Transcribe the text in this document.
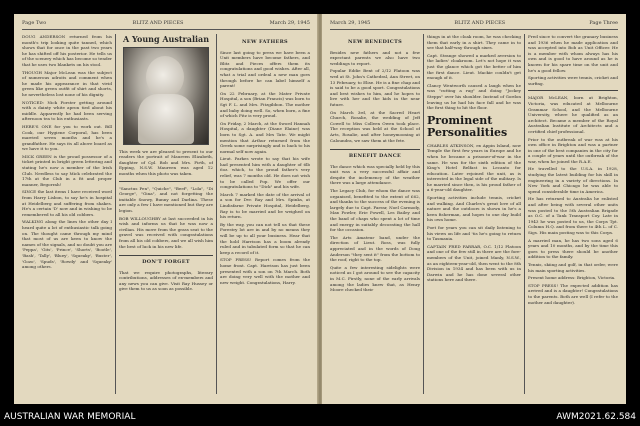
Page Two	BLITZ AND PIECES	March 29, 1945

DOUG ANDERSON returned from his month's trip looking quite tanned, which shows that for once in the past two years he has shifted off his posterior. He tells us of the scenery which has become so tender that he uses two blankets on his stool.

THOUGH Major McLean was the subject of numerous adroits and comment when he made his appearance in that vivid green like green outfit of shirt and shorts, he nevertheless lost none of his dignity.

NOTICED: Nick Forster getting around with a dainty white apron tied about his middle. Apparently he had been serving afternoon tea to his enthusiasts.

HERE'S ONE for you to work out. Bill Cook, our Hygiene Corporal, has been married seven months and he's a grandfather. He says its all above board as we have it to you.

MICK GREEN is the proud possessor of a ticket printed in bright green lettering and stating he's now a member of the Irish Club. Needless to say Mick celebrated the 17th at the Club in a fit and proper manner, Begorrah!

SINCE the last items I have received word from Harry Lisbon, to say he's in hospital at Heidelberg and suffering from shakes. He's a certain 'D' now and in wishing to be remembered to all his old cobbers.

WALKING along the lines the other day I heard quite a lot of enthusiastic talk going on. The thought came through my mind that most of us are keen to know the names of the signals, and no doubt you are 'Peppa', 'Gits', 'Prince', 'Shorts', 'Bootle', 'Bash', 'Tally', 'Bluey', 'Squeaky', 'Buster', 'Gozo', 'Spuds', 'Rowdy' and 'Squeaky' among others.

A Young Australian

This week we are pleased to present to our readers the portrait of Maureen Elizabeth, daughter of Cpl. Bob and Mrs. Firth, of Epping, N.S.W. Maureen was aged 12 months when this photo was taken.

"Sanctus Pen", "Quiche", "Beef", "Lola", "Di George", "Gina", and not forgetting the imitable Snowy, Bunny and Darlina. These are only a few I have mentioned but they are legion.

BOB WILLOUGHBY at last succeeded in his wish and informs us that he was now a civilian. His move from the grass seat to the gravel was received with congratulations from all his old cobbers, and we all wish him the best of luck in his new life.

DON'T FORGET

That we require photographs, literary contributions, addresses of ex-members and any news you can give. Visit Ray Hussey or give them to us as soon as possible.

NEW FATHERS

Since last going to press we have been a Unit members have become fathers, and Blitz and Pieces offers them its congratulations and good wishes. After all, what a trial and ordeal a new man goes through before he can label himself a parent!

On 22 February, at the Mater Private Hospital, a son (Brian Francis) was born to Sgt F. L. and Mrs. Fitzgibbon. The mother and baby doing well. So, when born, a fine of which Fitz is very proud.

On Friday, 2 March, at the Sword Hannah Hospital, a daughter (Diane Elaine) was born to Sgt. A. and Mrs Tate. We might mention that Arthur returned from the Greek some surprisingly and is back to his normal self now again.

Lieut. Parkes wrote to say that his wife had presented him with a daughter of 6lb 6oz. which, to the proud father's very relief, was 7 months old. He does not wish to be called Pop. We offer our congratulations to "Dick" and his wife.

March 7 marked the date of the arrival of a son for Dvr. Ray and Mrs. Spinks, at Lindisfarne Private Hospital, Heidelberg. Ray is to be married and be weighed on his return.

By the way, you can not tell us that these Forestry lot are in and by no means they will be up to all your business. Hear that the hold Harrison has a boom already ruled and in tabulated form so that he can keep a record of it.

STOP PRESS! Report comes from the home front. Capt. Harrison has just been presented with a son on 7th March. Both are doing very well with the mother and new weight. Congratulations, Harry.

March 29, 1945	BLITZ AND PIECES	Page Three
NEW BENEDICTS

Besides new fathers and not a few expectant parents we also have two weddings to report.

Popular Eddie Bent of 2/12 Platoon was wed at St. John's Cathedral, Ann Street, on 13 February, to Elise. He is a fine chap and is said to be a good sport. Congratulations and best wishes to him, and he hopes to live with her and the kids in the near future.

On March 3rd, at the Sacred Heart Church, Rosalie, the wedding of Jeff Cowell to Miss Colleen Owen took place. The reception was held at the School of Arts, Rosalie, and after honeymooning at Caloundra, we saw them at the fete.

BENEFIT DANCE

The dance which was specially held by this unit was a very successful affair and despite the inclemency of the weather there was a large attendance.

The Legacy Club, for whom the dance was organised, benefited to the extent of £62, and thanks to the success of the evening is largely due to Capt. Farrar, Noel Carmody, Max Fowler, Erie Powell, Les Bailey and the band of chaps who spent a lot of time and energy in suitably decorating the hall for the occasion.

The Arts Amateur band, under the direction of Lieut. Ross, was fully appreciated and in the words of Doug Anderson "they sent it" from the bottom to the roof, right to the top.

Quite a few interesting sidelights were noticed as I got around to see the capacity in M.C. Firstly, none of the early arrivals among the ladies knew that, as Henry Moore checked their

things in at the cloak room, he was checking them that early in a shirt. They came in to see that half-way through sixes.

Capt. Strange showed a marked aversion to the ladies' cloakroom. Let's not hope it was just the glance which got the better of him the first dance. Lieut. Mackie couldn't get enough of it.

Clancy Wentworth caused a laugh when he was "cutting a rug" and doing "Jockey Stepps" over his shoulder. Instead of Gordon leaving us he had his face fall and he was the first thing to hit the floor.

Prominent Personalities

CHARLES ATKINSON, ex Appin Island, now Temple the first few years in Europe and he when he became a prisoner-of-war in the same. He was for the sixth edition of the King's Hotel Belfast in Lecanto for education. Later rejoined the unit, as is interested in the legal side of the military. Is he married since then, is his proud father of a 6-year-old daughter.

Sporting activities include tennis, cricket and walking. And Charles's great love of all nature and the outdoors is shown in he's a keen fisherman, and hopes to one day build his own home.

Poet for years you can sit daily listening to his views on life and 'tis he's going to return to Tasmania.

CAPTAIN FRED FARRAR, O.C. 1/12 Platoon and one of the few still in there are the fore-members of the Unit, joined Manly, N.S.W., as an eighteen-year-old, then went to the 8th Division in 1934 and has been with us in Darwin and he has done several other stations here and there.

Fred since to convert the granary business and 1936 when he made application and was accepted into Bob as Unit Officer. He is a member with whom always has his own and is good to have around as he is known for his spare time on the unit and he's a good fellow.

Sporting activities were tennis, cricket and surfing.

MAJOR McLEAN, born at Brighton, Victoria, was educated at Melbourne Grammar School, and the Melbourne University, where he qualified as an architect. Became a member of the Royal Australian Institute of Architects and a certified chief professional.

Prior to the outbreak of war was at his own office in Brighton and was a partner in one of the best companies in the city for a couple of years until the outbreak of the war, when he joined the R.A.E.

He travelled to the U.S.A. in 1928, studying the latest building for his skill in engineering in a variety of directions. In New York and Chicago he was able to spend considerable time in America.

He has returned to Australia he enlisted and after being with several other units was posted to the 5th Australian Brigade as O.C. of a Tank Transport Coy. Late in 1943 he was posted to us, the Corps Tpt. Column H.Q. and from there to 4th L. of C. Sigs. His main posting was to this Corps.

A married man, he has two sons aged 6 years and 10 months, and by the time this goes to press there should be another addition to the family.

Tennis, skiing and golf, in that order, were his main sporting activities.

Present home address: Brighton, Victoria.

STOP PRESS! The expected addition has arrived and is a daughter! Congratulations to the parents. Both are well (I refer to the mother and daughter).

AUSTRALIAN WAR MEMORIAL	AWM2021.62.584
